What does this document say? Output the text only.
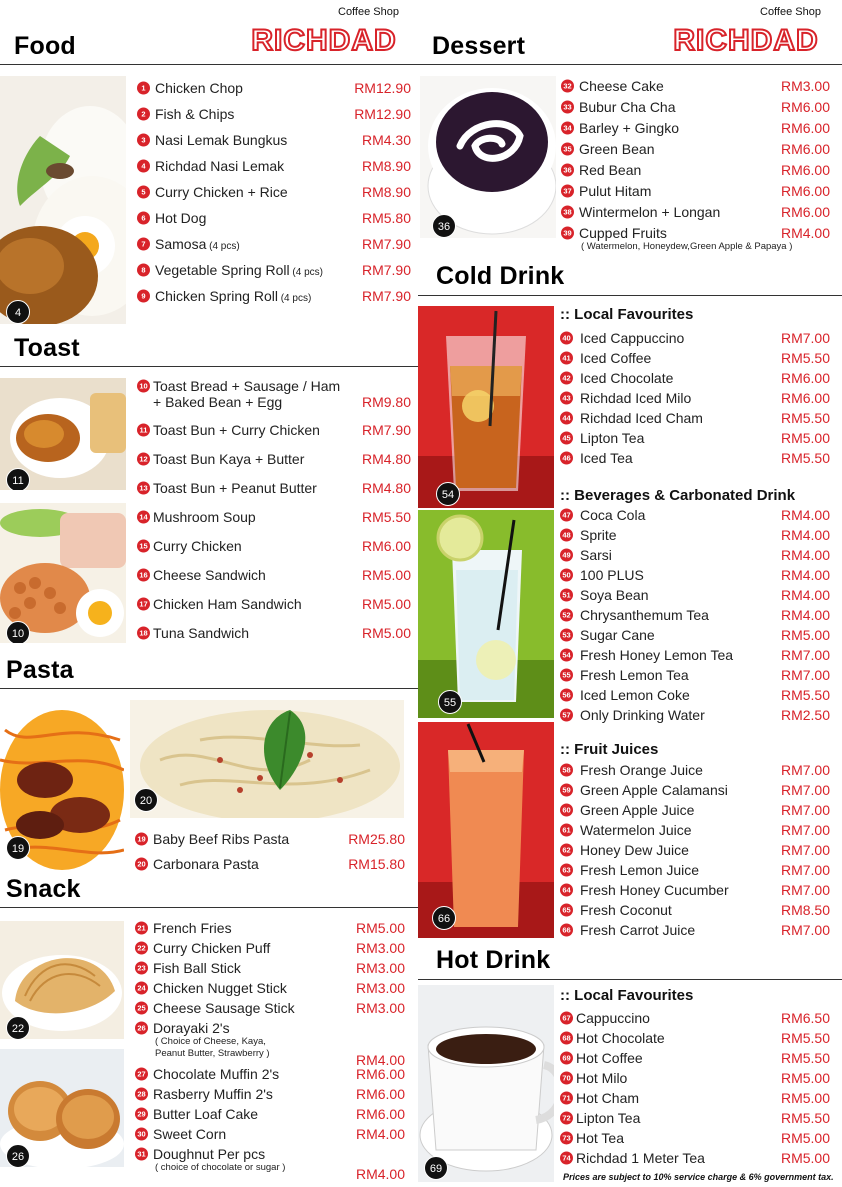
Coffee Shop
RICHDAD
Food
4
1 Chicken Chop	RM12.90
2 Fish & Chips	RM12.90
3 Nasi Lemak Bungkus	RM4.30
4 Richdad Nasi Lemak	RM8.90
5 Curry Chicken + Rice	RM8.90
6 Hot Dog	RM5.80
7 Samosa (4 pcs)	RM7.90
8 Vegetable Spring Roll (4 pcs)	RM7.90
9 Chicken Spring Roll (4 pcs)	RM7.90
Toast
11
10
10 Toast Bread + Sausage / Ham
+ Baked Bean + Egg	RM9.80
11 Toast Bun + Curry Chicken	RM7.90
12 Toast Bun Kaya + Butter	RM4.80
13 Toast Bun + Peanut Butter	RM4.80
14 Mushroom Soup	RM5.50
15 Curry Chicken	RM6.00
16 Cheese Sandwich	RM5.00
17 Chicken Ham Sandwich	RM5.00
18 Tuna Sandwich	RM5.00
Pasta
19
20
19 Baby Beef Ribs Pasta	RM25.80
20 Carbonara Pasta	RM15.80
Snack
22
26
21 French Fries	RM5.00
22 Curry Chicken Puff	RM3.00
23 Fish Ball Stick	RM3.00
24 Chicken Nugget Stick	RM3.00
25 Cheese Sausage Stick	RM3.00
26 Dorayaki 2's
( Choice of Cheese, Kaya,
Peanut Butter, Strawberry )	RM4.00
27 Chocolate Muffin 2's	RM6.00
28 Rasberry Muffin 2's	RM6.00
29 Butter Loaf Cake	RM6.00
30 Sweet Corn	RM4.00
31 Doughnut Per pcs
( choice of chocolate or sugar )	RM4.00
Coffee Shop
RICHDAD
Dessert
36
32 Cheese Cake	RM3.00
33 Bubur Cha Cha	RM6.00
34 Barley + Gingko	RM6.00
35 Green Bean	RM6.00
36 Red Bean	RM6.00
37 Pulut Hitam	RM6.00
38 Wintermelon + Longan	RM6.00
39 Cupped Fruits	RM4.00
( Watermelon, Honeydew,Green Apple & Papaya )
Cold Drink
54
:: Local Favourites
40 Iced Cappuccino	RM7.00
41 Iced Coffee	RM5.50
42 Iced Chocolate	RM6.00
43 Richdad Iced Milo	RM6.00
44 Richdad Iced Cham	RM5.50
45 Lipton Tea	RM5.00
46 Iced Tea	RM5.50
55
:: Beverages & Carbonated Drink
47 Coca Cola	RM4.00
48 Sprite	RM4.00
49 Sarsi	RM4.00
50 100 PLUS	RM4.00
51 Soya Bean	RM4.00
52 Chrysanthemum Tea	RM4.00
53 Sugar Cane	RM5.00
54 Fresh Honey Lemon Tea	RM7.00
55 Fresh Lemon Tea	RM7.00
56 Iced Lemon Coke	RM5.50
57 Only Drinking Water	RM2.50
66
:: Fruit Juices
58 Fresh Orange Juice	RM7.00
59 Green Apple Calamansi	RM7.00
60 Green Apple Juice	RM7.00
61 Watermelon Juice	RM7.00
62 Honey Dew Juice	RM7.00
63 Fresh Lemon Juice	RM7.00
64 Fresh Honey Cucumber	RM7.00
65 Fresh Coconut	RM8.50
66 Fresh Carrot Juice	RM7.00
Hot Drink
69
:: Local Favourites
67 Cappuccino	RM6.50
68 Hot Chocolate	RM5.50
69 Hot Coffee	RM5.50
70 Hot Milo	RM5.00
71 Hot Cham	RM5.00
72 Lipton Tea	RM5.50
73 Hot Tea	RM5.00
74 Richdad 1 Meter Tea	RM5.00
Prices are subject to 10% service charge & 6% government tax.
